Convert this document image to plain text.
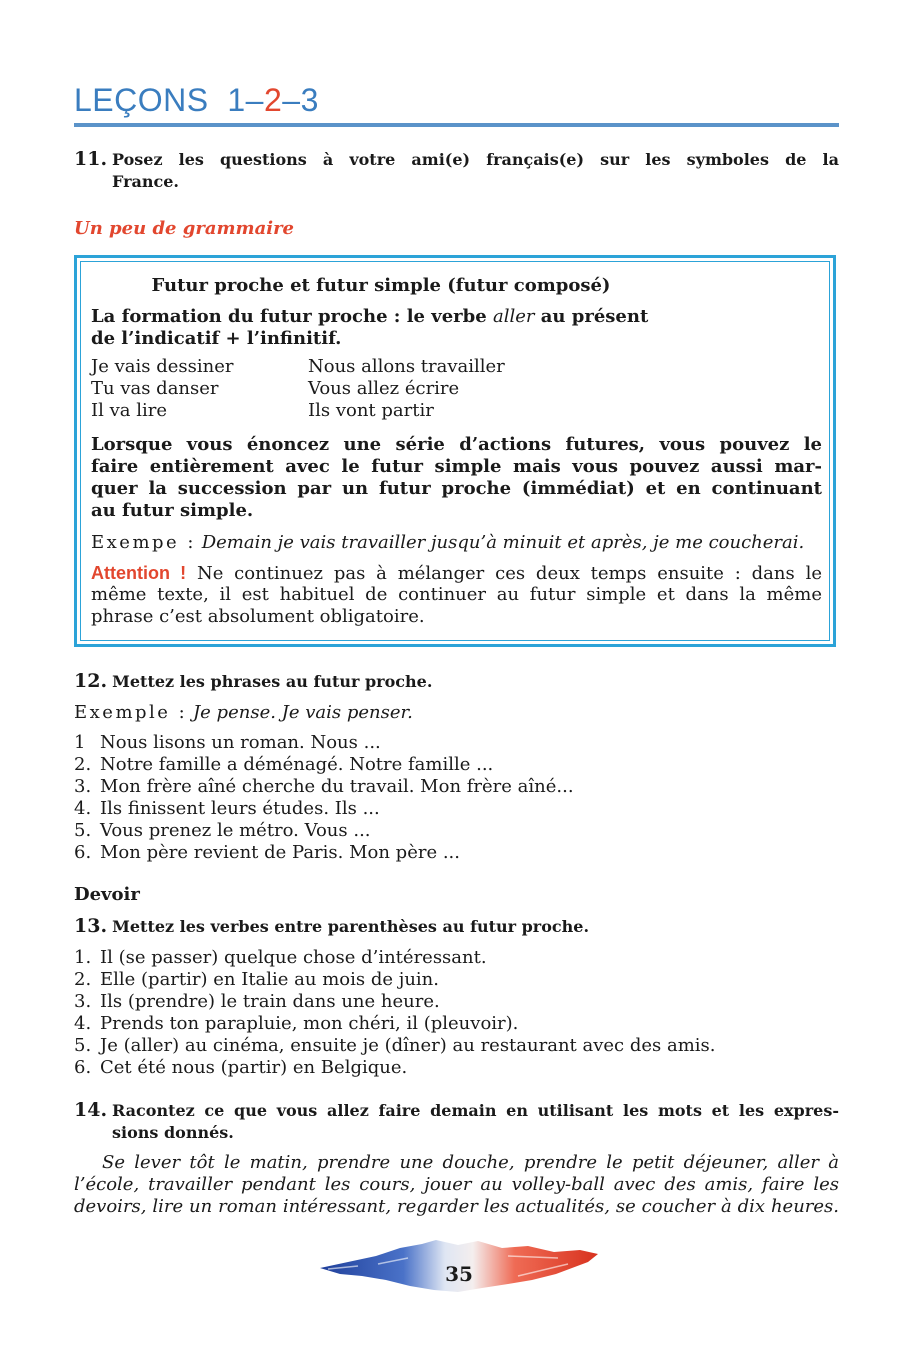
LEÇONS  1–2–3
11. Posez les questions à votre ami(e) français(e) sur les symboles de la
France.
Un peu de grammaire
Futur proche et futur simple (futur composé)
La formation du futur proche : le verbe aller au présent
de l’indicatif + l’infinitif.
Je vais dessiner	Nous allons travailler
Tu vas danser	Vous allez écrire
Il va lire	Ils vont partir
Lorsque vous énoncez une série d’actions futures, vous pouvez le
faire entièrement avec le futur simple mais vous pouvez aussi mar-
quer la succession par un futur proche (immédiat) et en continuant
au futur simple.
Exempe : Demain je vais travailler jusqu’à minuit et après, je me coucherai.
Attention ! Ne continuez pas à mélanger ces deux temps ensuite : dans le
même texte, il est habituel de continuer au futur simple et dans la même
phrase c’est absolument obligatoire.
12. Mettez les phrases au futur proche.
Exemple : Je pense. Je vais penser.
1 Nous lisons un roman. Nous ...
2. Notre famille a déménagé. Notre famille ...
3. Mon frère aîné cherche du travail. Mon frère aîné...
4. Ils finissent leurs études. Ils ...
5. Vous prenez le métro. Vous ...
6. Mon père revient de Paris. Mon père ...
Devoir
13. Mettez les verbes entre parenthèses au futur proche.
1. Il (se passer) quelque chose d’intéressant.
2. Elle (partir) en Italie au mois de juin.
3. Ils (prendre) le train dans une heure.
4. Prends ton parapluie, mon chéri, il (pleuvoir).
5. Je (aller) au cinéma, ensuite je (dîner) au restaurant avec des amis.
6. Cet été nous (partir) en Belgique.
14. Racontez ce que vous allez faire demain en utilisant les mots et les expres-
sions donnés.
Se lever tôt le matin, prendre une douche, prendre le petit déjeuner, aller à
l’école, travailler pendant les cours, jouer au volley-ball avec des amis, faire les
devoirs, lire un roman intéressant, regarder les actualités, se coucher à dix heures.
35
